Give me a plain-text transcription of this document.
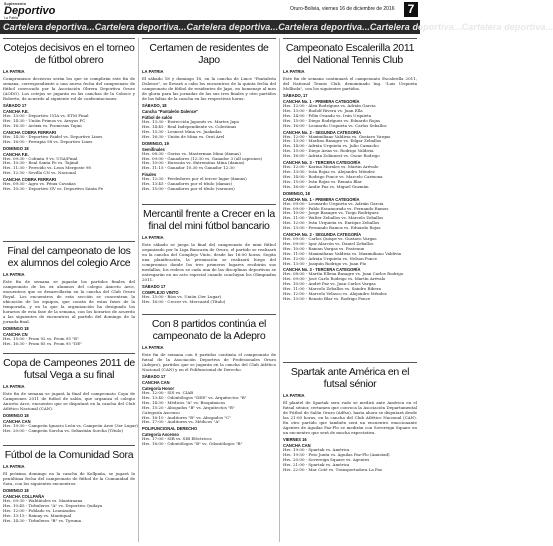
Suplemento
Deportivo
La Patria
Oruro-Bolivia, viernes 16 de diciembre de 2016	7
Cartelera deportiva...Cartelera deportiva...Cartelera deportiva...Cartelera deportiva...Cartelera deportiva...Cartelera deportiva...
Cotejos decisivos en el torneo de fútbol obrero
LA PATRIA
Compromisos decisivos serán los que se cumplirán este fin de semana, correspondiente a una nueva fecha del campeonato de fútbol convocado por la Asociación Obrera Deportiva Oruro (AODO). Los cotejos se jugarán en las canchas de la Coboce y Roberto, de acuerdo al siguiente rol de confrontaciones:
SÁBADO 17
CANCHA F.E.
Hrs. 13:00 - Deportivo UGA vs. ETM Final
Hrs. 14:30 - Unión Primos vs. Aruyos FC
Hrs. 16:30 - Aróxix vs. Promesas Tajini
CANCHA COBRA FERRARI
Hrs. 14:30 - Deportivo Faidel vs. Deportivo Lines
Hrs. 16:00 - Ferrapia 98 vs. Deportivo Lines
DOMINGO 18
CANCHA F.E.
Hrs. 09:30 - Cobinta 9 vs. UGA/Final
Hrs. 10:30 - Real Santa Fe vs. Tajimil
Hrs. 11:30 - Ferroido vs. Leon Mergoste 98
Hrs. 12:30 - Sevilla CN vs. Nacional
CANCHA COBRA FERRARI
Hrs. 09:30 - Agro vs. Fénix Cavañas
Hrs. 10:30 - Deportivo GV vs. Deportivo Santa Fe
Final del campeonato de los ex alumnos del colegio Arce
LA PATRIA
Este fin de semana se jugarán los partidos finales del campeonato de los ex alumnos del colegio Aniceto Arce, encuentros que se desarrollarán en la cancha del Club Oruro Royal. Los encuentros de esta sección se concentran la ubicación de los equipos, que consta de estas fases de la temporada, y en la que la organización ha designado los horarios de esta fase de la semana, con los horarios de acuerdo a las siguientes de encuentros al partido del domingo de la jornada final.
DOMINGO 18
CANCHA CN
Hrs. 15:00 - Prom 92 vs. Prom 95 "B"
Hrs. 16:30 - Prom 85 vs. Prom 95 "DE"
Copa de Campeones 2011 de futsal Vega a su final
LA PATRIA
Este fin de semana se jugará la final del campeonato Copa de Campeones 2011 de futbol de salón, que organiza el colegio Aniceto Arce, encuentro que se disputará en la cancha del Club Atlético Nacional (CAN).
DOMINGO 18
CANCHA CAN
Hrs. 19:30 - Campeón Ignacio León vs. Campeón Aroe (3er Lugar)
Hrs. 20:00 - Campeón Sorcha vs. Sebastián Sorcha (Título)
Fútbol de la Comunidad Sora
LA PATRIA
El próximo domingo en la cancha de Kollpaña, se jugará la penúltima fecha del campeonato de fútbol de la Comunidad de Sora, con los siguientes encuentros:
DOMINGO 18
CANCHA COLLPAÑA
Hrs. 09:30 - Wahtiñoles vs. Mantiraana
Hrs. 10:45 - Tirbuleros "A" vs. Deportivo Quilaya
Hrs. 12:00 - Poblado vs. Leonizados
Hrs. 13:15 - Ramay vs. Mantiqual
Hrs. 14:30 - Tirbuleros "B" vs. Tyruma
Certamen de residentes de Japo
LA PATRIA
El sábado 18 y domingo 18, en la cancha de Lince "Pantaleón Dalence", se llevará a cabo los encuentros de la quinta fecha del campeonato de fútbol de residentes de Japo, en homenaje al mes de gloria para las jornadas de las sus tres finales y otro partidos de las faltas de la cancha en las respectivas horas:
SÁBADO, 18
Cancha "Pantaleón Dalence"
Fútbol de salón
Hrs. 13:30 - Estrección Japonés vs. Martes Japo
Hrs. 14:45 - Real Independiente vs. Colestinas
Hrs. 15:30 - Leonest Mina vs. Juakadas
Hrs. 16:30 - Unión de Mina vs. Oruí Arel
DOMINGO, 19
Semifinales
Hrs. 08:30 - Goriss vs. Masterman Mina (damas)
Hrs. 09:00 - Ganadores (12:30 vs. Ganador 3 (all caprones)
Hrs. 10:00 - Huracán vs. Extremitas Mina (damas)
Hrs. 11:15 - Ganador 10.30 vs Ganador 12:30
Finales
Hrs. 12:30 - Perdedores por el tercer lugar (damas)
Hrs. 13:45 - Ganadores por el título (damas)
Hrs. 15:00 - Ganadores por el título (varones)
Mercantil frente a Crecer en la final del mini fútbol bancario
LA PATRIA
Este sábado se juega la final del campeonato de mini fútbol organizado por la Liga Bancaria de Oruro, el partido se realizará en la cancha del Complejo Vinto, desde las 16:00 horas. Según una planificación, la premiación se realizará luego del compromiso donde los tres primeros lugares recibirán sus medallas, los rodeos se cada una de las disciplinas deportivas se entregarán en un acto especial cuando concluyan los Olimpiadas 2011.
SÁBADO 17
COMPLEJO VINTO
Hrs. 15:00 - Bíos vs. Unión (3er Lugar)
Hrs. 16:00 - Crecer vs. Mercantil (Título)
Con 8 partidos continúa el campeonato de la Adepro
LA PATRIA
Este fin de semana con 8 partidos continúa el campeonato de futsal de la Asociación Deportiva de Profesionales Oruro (Adepro), partidos que se jugarán en la cancha del Club Atlético Nacional (CAN) y en el Polifuncional de Derecho.
SÁBADO 17
CANCHA CAN
Categoría Honor
Hrs. 12:00 - SIS vs. CIAB
Hrs. 13:40 - Odontólogos "DEE" vs. Arquitectos "B"
Hrs. 14:30 - Médicos "A" vs. Bioquímicos
Hrs. 15:20 - Abogados "B" vs. Arquitectos "B"
Categoría Ascenso
Hrs. 16:10 - Auditores "B" vs. Abogados "C"
Hrs. 17:00 - Auditores vs. Médicos "A"
POLIFUNCIONAL DERECHO
Categoría Ascenso
Hrs. 17:00 - SIB vs. SIB Eléctricos
Hrs. 18:00 - Odontólogos "B" vs. Odontólogos "B"
Campeonato Escalerilla 2011 del National Tennis Club
LA PATRIA
Este fin de semana continuará el campeonato Escalerilla 2011, del National Tennis Club, denominado Ing. "Luis Urquieta Mollisda", con los siguientes partidos.
SÁBADO, 17
CANCHA No. 1 - PRIMERA CATEGORÍA
Hrs. 12:00 - Alex Rodríguez vs. Adrián Garcia
Hrs. 13:00 - Rudolf Rivera vs. Juan Ella
Hrs. 14:00 - Félix Ovando vs. Iván Urquieta
Hrs. 15:00 - Diego Rodríguez vs. Eduardo Rojas
Hrs. 16:00 - Leonardo Urquieta vs. Carlos Seballos
CANCHA No. 2 - SEGUNDA CATEGORÍA
Hrs. 12:00 - Maximiliano Valdivia vs. Gustavo Vargas
Hrs. 13:00 - Marlino Basagre vs. Edgar Zeballos
Hrs. 14:00 - Adrián Urquieta vs. Julio Camacho
Hrs. 15:00 - Diego Arias vs. Rodrigo Valdivia
Hrs. 16:00 - Adrián Zolinnest vs. Oscar Rodrigo
CANCHA No. 3 - TERCERA CATEGORÍA
Hrs. 12:00 - Karina Morales vs. Martin Arévalo
Hrs. 13:00 - Iván Rojas vs. Alejandro Méndez
Hrs. 14:00 - Rodrigo Ponce vs. Marcelo Carmona
Hrs. 15:00 - Iván Rojas vs. Renato Blar
Hrs. 16:00 - Andie Paz vs. Miguel Guzmán
DOMINGO, 18
CANCHA No. 1 - PRIMERA CATEGORÍA
Hrs. 09:00 - Leonardo Urquieta vs. Adrián Garcia
Hrs. 09:00 - Pablo Escamorado vs. Fernando Ramos
Hrs. 10:00 - Jorge Basagre vs. Tiego Rodríguez
Hrs. 11:00 - Walter Zeballos vs. Marcelo Zeballos
Hrs. 12:00 - Iván Urquieta vs. Enrique Zeballos
Hrs. 13:00 - Fernando Ramos vs. Eduardo Rojas
CANCHA No. 2 - SEGUNDA CATEGORÍA
Hrs. 09:00 - Carlos Quispe vs. Gustavo Vargas
Hrs. 09:00 - Igor Alarcón vs. Daniel Zeballos
Hrs. 10:00 - Ramon Vargas vs. Pasteaux
Hrs. 11:00 - Maximiliano Valdivia vs. Maximiliano Valdivia
Hrs. 12:00 - Adrián Urquieta vs. Nelson Ponce
Hrs. 13:00 - Joaquín Rodrigo vs. Juan Pío
CANCHA No. 3 - TERCERA CATEGORÍA
Hrs. 08:00 - Martín Ellena Basagre vs. Juan Carlos Rodrigo
Hrs. 09:00 - José Carlo Rodrigo vs. Martín Arévalo
Hrs. 10:00 - André Paz vs. Juan Carlos Vargas
Hrs. 11:00 - Marcelo Zeballos vs. Sandro Ribera
Hrs. 12:00 - Marcelo Velasco vs. Alejandro Méndez
Hrs. 13:00 - Renato Blar vs. Rodrigo Ponce
Spartak ante América en el futsal sénior
LA PATRIA
El plantel de Spartak sera rudo se medirá ante América en el futsal sénior, certamen que convoca la Asociación Departamental de Fútbol de Salón Oruro (Adfso), hasta ahora se disputará desde las 21:00 horas, en la cancha del Club Atlético Nacional (CAN). En otro partido que también será un encuentro emocionante Agentes de Aguilas Paz-Flo se medirán con Sovereign Square en un encuentro que será de mucha expectativa.
VIERNES 16
CANCHA CAN
Hrs. 19:00 - Spartak vs. América
Hrs. 19:50 - Foto Junta vs. Águilas Paz-Flo (Amistad)
Hrs. 20:00 - Sovereign Square vs. Agentes
Hrs. 21:00 - Spartak vs. América
Hrs. 22:00 - Mar Coté vs. Transportadora La Paz
